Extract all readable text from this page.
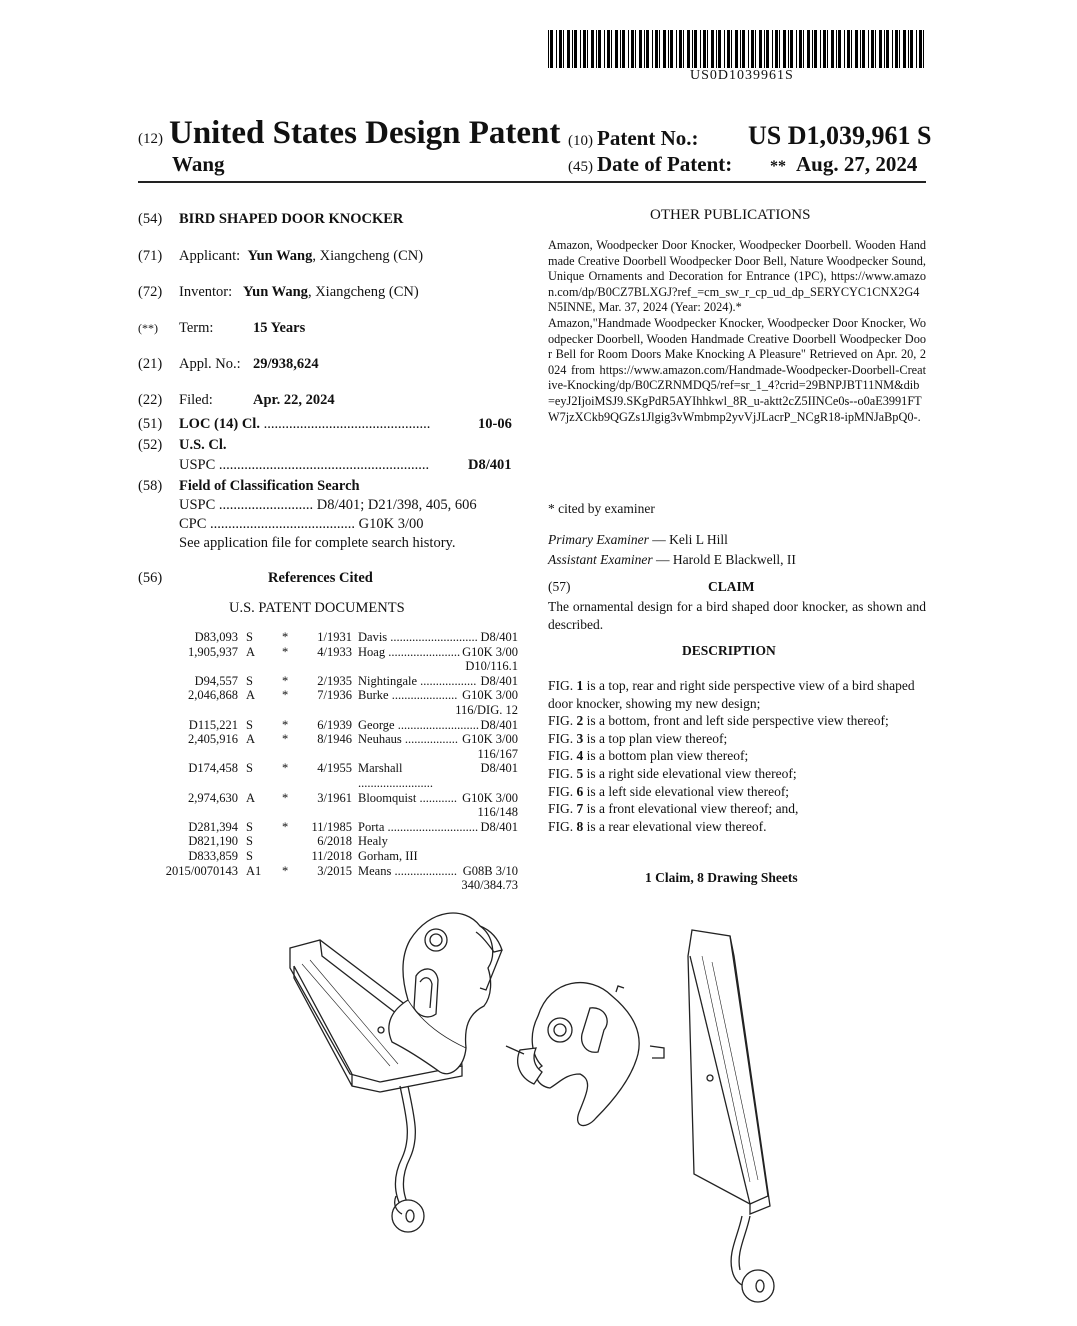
US0D1039961S
(12) United States Design Patent
Wang
(10) Patent No.: US D1,039,961 S
(45) Date of Patent: ** Aug. 27, 2024
(54) BIRD SHAPED DOOR KNOCKER
(71) Applicant: Yun Wang, Xiangcheng (CN)
(72) Inventor: Yun Wang, Xiangcheng (CN)
(**) Term:	15 Years
(21) Appl. No.: 29/938,624
(22) Filed:	Apr. 22, 2024
(51) LOC (14) Cl. ..............................................	10-06
(52) U.S. Cl.
USPC ..........................................................	D8/401
(58) Field of Classification Search
USPC .......................... D8/401; D21/398, 405, 606
CPC ........................................ G10K 3/00
See application file for complete search history.
(56)	References Cited
U.S. PATENT DOCUMENTS
D83,093 S	*	1/1931 Davis ............................ D8/401
1,905,937 A	*	4/1933 Hoag ....................... G10K 3/00
D10/116.1
D94,557 S	*	2/1935 Nightingale .................. D8/401
2,046,868 A	*	7/1936 Burke ..................... G10K 3/00
116/DIG. 12
D115,221 S	*	6/1939 George .......................... D8/401
2,405,916 A	*	8/1946 Neuhaus ................. G10K 3/00
116/167
D174,458 S	*	4/1955 Marshall ........................
D8/401
2,974,630 A	*	3/1961 Bloomquist ............ G10K 3/00
116/148
D281,394 S	*	11/1985 Porta ............................. D8/401
D821,190 S	6/2018 Healy
D833,859 S	11/2018 Gorham, III
2015/0070143 A1	*	3/2015 Means .................... G08B 3/10
340/384.73
OTHER PUBLICATIONS
Amazon, Woodpecker Door Knocker, Woodpecker Doorbell. Wooden Handmade Creative Doorbell Woodpecker Door Bell, Nature Woodpecker Sound, Unique Ornaments and Decoration for Entrance (1PC), https://www.amazon.com/dp/B0CZ7BLXGJ?ref_=cm_sw_r_cp_ud_dp_SERYCYC1CNX2G4N5INNE, Mar. 37, 2024 (Year: 2024).*
Amazon,"Handmade Woodpecker Knocker, Woodpecker Door Knocker, Woodpecker Doorbell, Wooden Handmade Creative Doorbell Woodpecker Door Bell for Room Doors Make Knocking A Pleasure" Retrieved on Apr. 20, 2024 from https://www.amazon.com/Handmade-Woodpecker-Doorbell-Creative-Knocking/dp/B0CZRNMDQ5/ref=sr_1_4?crid=29BNPJBT11NM&dib=eyJ2IjoiMSJ9.SKgPdR5AYIhhkwl_8R_u-aktt2cZ5IINCe0s--o0aE3991FTW7jzXCkb9QGZs1Jlgig3vWmbmp2yvVjJLacrP_NCgR18-ipMNJaBpQ0-.
* cited by examiner
Primary Examiner — Keli L Hill
Assistant Examiner — Harold E Blackwell, II
(57)	CLAIM
The ornamental design for a bird shaped door knocker, as shown and described.
DESCRIPTION

FIG. 1 is a top, rear and right side perspective view of a bird shaped door knocker, showing my new design;

FIG. 2 is a bottom, front and left side perspective view thereof;

FIG. 3 is a top plan view thereof;

FIG. 4 is a bottom plan view thereof;

FIG. 5 is a right side elevational view thereof;

FIG. 6 is a left side elevational view thereof;

FIG. 7 is a front elevational view thereof; and,

FIG. 8 is a rear elevational view thereof.

1 Claim, 8 Drawing Sheets
